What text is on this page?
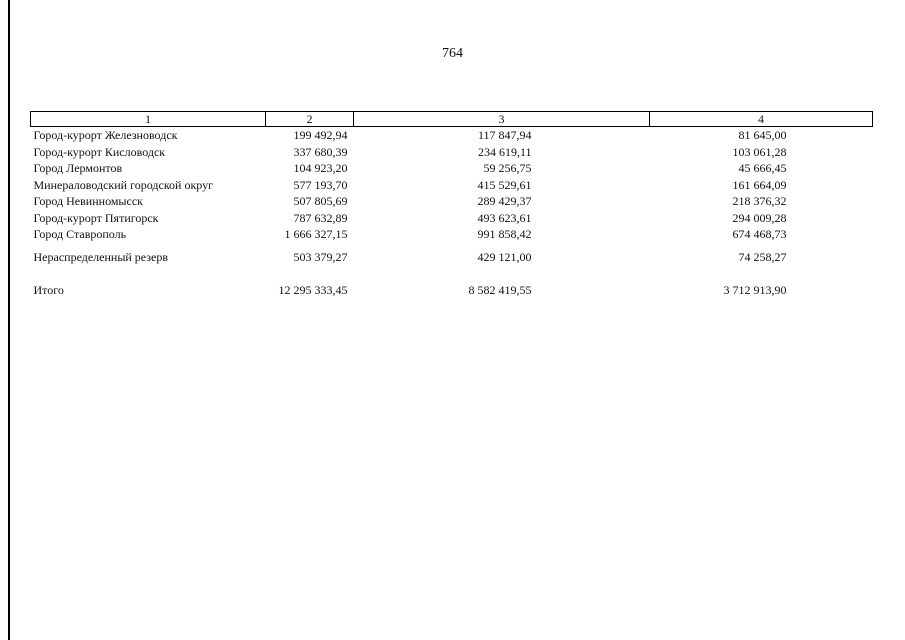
764
1	2	3	4
Город-курорт Железноводск	199 492,94	117 847,94	81 645,00
Город-курорт Кисловодск	337 680,39	234 619,11	103 061,28
Город Лермонтов	104 923,20	59 256,75	45 666,45
Минераловодский городской округ	577 193,70	415 529,61	161 664,09
Город Невинномысск	507 805,69	289 429,37	218 376,32
Город-курорт Пятигорск	787 632,89	493 623,61	294 009,28
Город Ставрополь	1 666 327,15	991 858,42	674 468,73

Нераспределенный резерв	503 379,27	429 121,00	74 258,27

Итого	12 295 333,45	8 582 419,55	3 712 913,90
